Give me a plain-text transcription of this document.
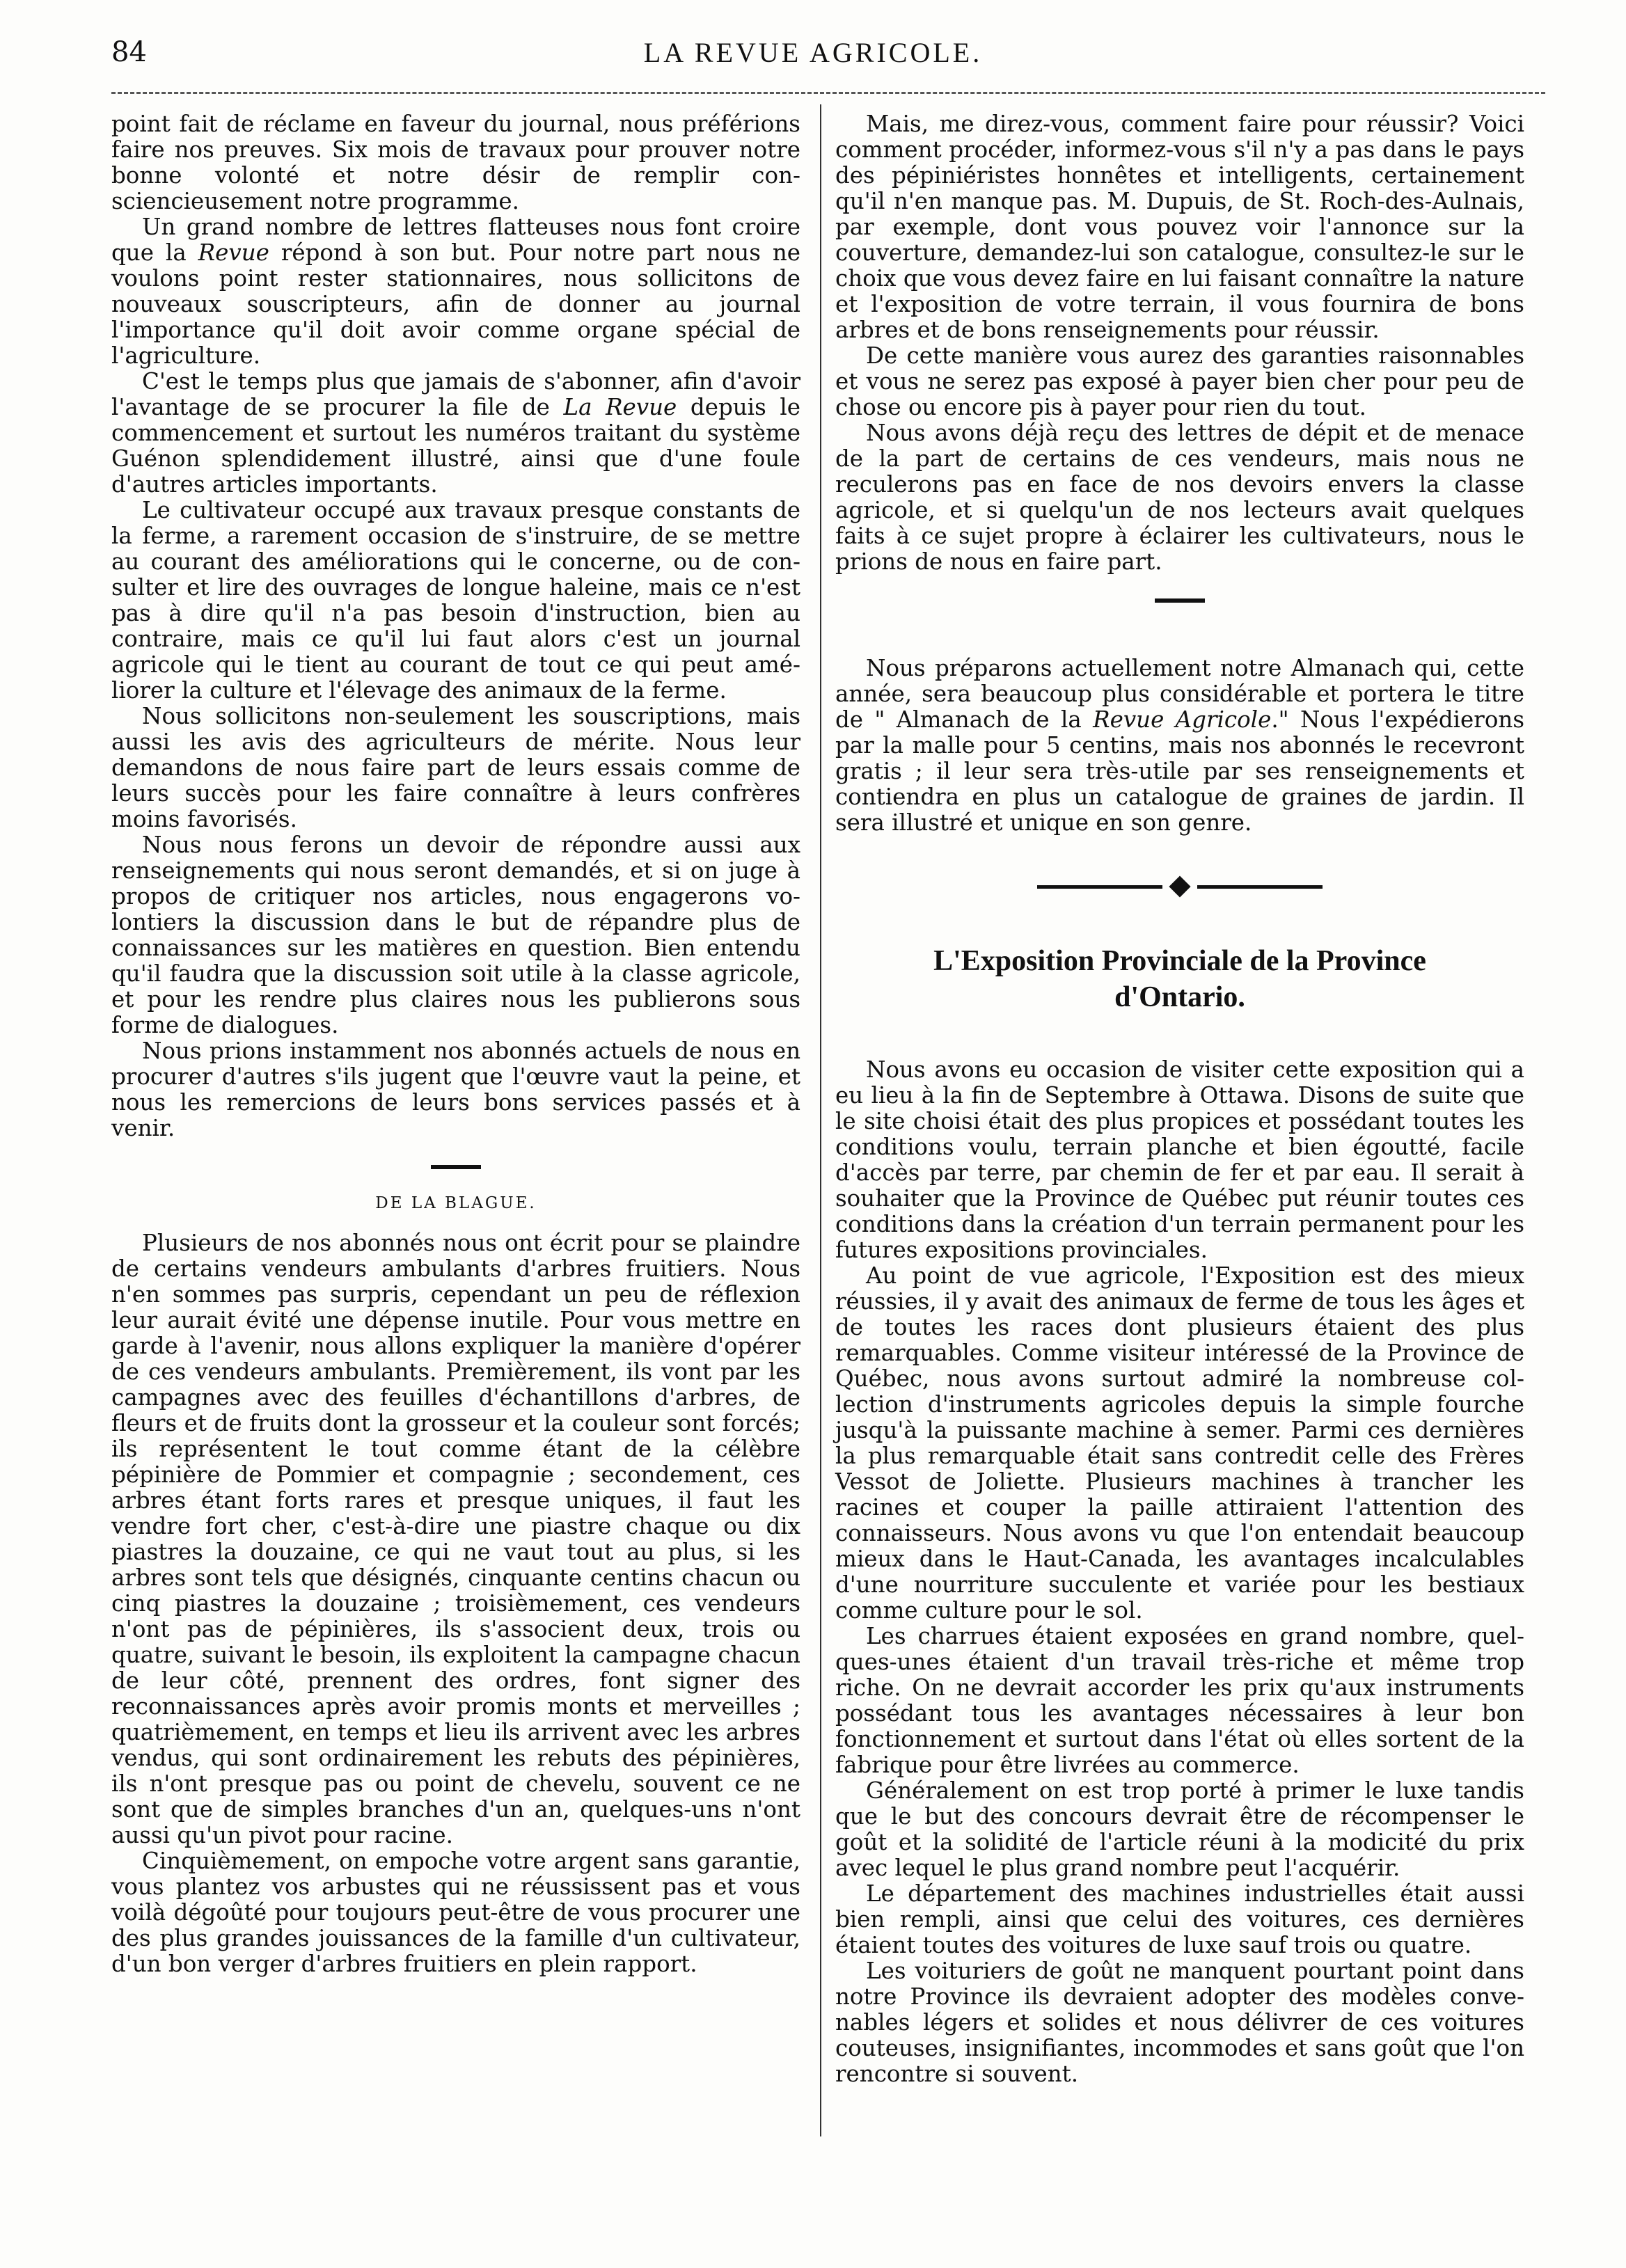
84	LA REVUE AGRICOLE.

point fait de réclame en faveur du journal, nous préférions faire nos preuves. Six mois de travaux pour prouver notre bonne volonté et notre désir de remplir consciencieusement notre programme.

Un grand nombre de lettres flatteuses nous font croire que la Revue répond à son but. Pour notre part nous ne voulons point rester stationnaires, nous sollicitons de nouveaux souscripteurs, afin de donner au journal l'importance qu'il doit avoir comme organe spécial de l'agriculture.

C'est le temps plus que jamais de s'abonner, afin d'avoir l'avantage de se procurer la file de La Revue depuis le commencement et surtout les numéros traitant du système Guénon splendidement illustré, ainsi que d'une foule d'autres articles importants.

Le cultivateur occupé aux travaux presque constants de la ferme, a rarement occasion de s'instruire, de se mettre au courant des améliorations qui le concerne, ou de consulter et lire des ouvrages de longue haleine, mais ce n'est pas à dire qu'il n'a pas besoin d'instruction, bien au contraire, mais ce qu'il lui faut alors c'est un journal agricole qui le tient au courant de tout ce qui peut améliorer la culture et l'élevage des animaux de la ferme.

Nous sollicitons non-seulement les souscriptions, mais aussi les avis des agriculteurs de mérite. Nous leur demandons de nous faire part de leurs essais comme de leurs succès pour les faire connaître à leurs confrères moins favorisés.

Nous nous ferons un devoir de répondre aussi aux renseignements qui nous seront demandés, et si on juge à propos de critiquer nos articles, nous engagerons volontiers la discussion dans le but de répandre plus de connaissances sur les matières en question. Bien entendu qu'il faudra que la discussion soit utile à la classe agricole, et pour les rendre plus claires nous les publierons sous forme de dialogues.

Nous prions instamment nos abonnés actuels de nous en procurer d'autres s'ils jugent que l'œuvre vaut la peine, et nous les remercions de leurs bons services passés et à venir.

DE LA BLAGUE.

Plusieurs de nos abonnés nous ont écrit pour se plaindre de certains vendeurs ambulants d'arbres fruitiers. Nous n'en sommes pas surpris, cependant un peu de réflexion leur aurait évité une dépense inutile. Pour vous mettre en garde à l'avenir, nous allons expliquer la manière d'opérer de ces vendeurs ambulants. Premièrement, ils vont par les campagnes avec des feuilles d'échantillons d'arbres, de fleurs et de fruits dont la grosseur et la couleur sont forcés; ils représentent le tout comme étant de la célèbre pépinière de Pommier et compagnie ; secondement, ces arbres étant forts rares et presque uniques, il faut les vendre fort cher, c'est-à-dire une piastre chaque ou dix piastres la douzaine, ce qui ne vaut tout au plus, si les arbres sont tels que désignés, cinquante centins chacun ou cinq piastres la douzaine ; troisièmement, ces vendeurs n'ont pas de pépinières, ils s'associent deux, trois ou quatre, suivant le besoin, ils exploitent la campagne chacun de leur côté, prennent des ordres, font signer des reconnaissances après avoir promis monts et merveilles ; quatrièmement, en temps et lieu ils arrivent avec les arbres vendus, qui sont ordinairement les rebuts des pépinières, ils n'ont presque pas ou point de chevelu, souvent ce ne sont que de simples branches d'un an, quelques-uns n'ont aussi qu'un pivot pour racine.

Cinquièmement, on empoche votre argent sans garantie, vous plantez vos arbustes qui ne réussissent pas et vous voilà dégoûté pour toujours peut-être de vous procurer une des plus grandes jouissances de la famille d'un cultivateur, d'un bon verger d'arbres fruitiers en plein rapport.

Mais, me direz-vous, comment faire pour réussir? Voici comment procéder, informez-vous s'il n'y a pas dans le pays des pépiniéristes honnêtes et intelligents, certainement qu'il n'en manque pas. M. Dupuis, de St. Roch-des-Aulnais, par exemple, dont vous pouvez voir l'annonce sur la couverture, demandez-lui son catalogue, consultez-le sur le choix que vous devez faire en lui faisant connaître la nature et l'exposition de votre terrain, il vous fournira de bons arbres et de bons renseignements pour réussir.

De cette manière vous aurez des garanties raisonnables et vous ne serez pas exposé à payer bien cher pour peu de chose ou encore pis à payer pour rien du tout.

Nous avons déjà reçu des lettres de dépit et de menace de la part de certains de ces vendeurs, mais nous ne reculerons pas en face de nos devoirs envers la classe agricole, et si quelqu'un de nos lecteurs avait quelques faits à ce sujet propre à éclairer les cultivateurs, nous le prions de nous en faire part.

Nous préparons actuellement notre Almanach qui, cette année, sera beaucoup plus considérable et portera le titre de " Almanach de la Revue Agricole." Nous l'expédierons par la malle pour 5 centins, mais nos abonnés le recevront gratis ; il leur sera très-utile par ses renseignements et contiendra en plus un catalogue de graines de jardin. Il sera illustré et unique en son genre.

L'Exposition Provinciale de la Province
d'Ontario.

Nous avons eu occasion de visiter cette exposition qui a eu lieu à la fin de Septembre à Ottawa. Disons de suite que le site choisi était des plus propices et possédant toutes les conditions voulu, terrain planche et bien égoutté, facile d'accès par terre, par chemin de fer et par eau. Il serait à souhaiter que la Province de Québec put réunir toutes ces conditions dans la création d'un terrain permanent pour les futures expositions provinciales.

Au point de vue agricole, l'Exposition est des mieux réussies, il y avait des animaux de ferme de tous les âges et de toutes les races dont plusieurs étaient des plus remarquables. Comme visiteur intéressé de la Province de Québec, nous avons surtout admiré la nombreuse collection d'instruments agricoles depuis la simple fourche jusqu'à la puissante machine à semer. Parmi ces dernières la plus remarquable était sans contredit celle des Frères Vessot de Joliette. Plusieurs machines à trancher les racines et couper la paille attiraient l'attention des connaisseurs. Nous avons vu que l'on entendait beaucoup mieux dans le Haut-Canada, les avantages incalculables d'une nourriture succulente et variée pour les bestiaux comme culture pour le sol.

Les charrues étaient exposées en grand nombre, quelques-unes étaient d'un travail très-riche et même trop riche. On ne devrait accorder les prix qu'aux instruments possédant tous les avantages nécessaires à leur bon fonctionnement et surtout dans l'état où elles sortent de la fabrique pour être livrées au commerce.

Généralement on est trop porté à primer le luxe tandis que le but des concours devrait être de récompenser le goût et la solidité de l'article réuni à la modicité du prix avec lequel le plus grand nombre peut l'acquérir.

Le département des machines industrielles était aussi bien rempli, ainsi que celui des voitures, ces dernières étaient toutes des voitures de luxe sauf trois ou quatre.

Les voituriers de goût ne manquent pourtant point dans notre Province ils devraient adopter des modèles convenables légers et solides et nous délivrer de ces voitures couteuses, insignifiantes, incommodes et sans goût que l'on rencontre si souvent.
